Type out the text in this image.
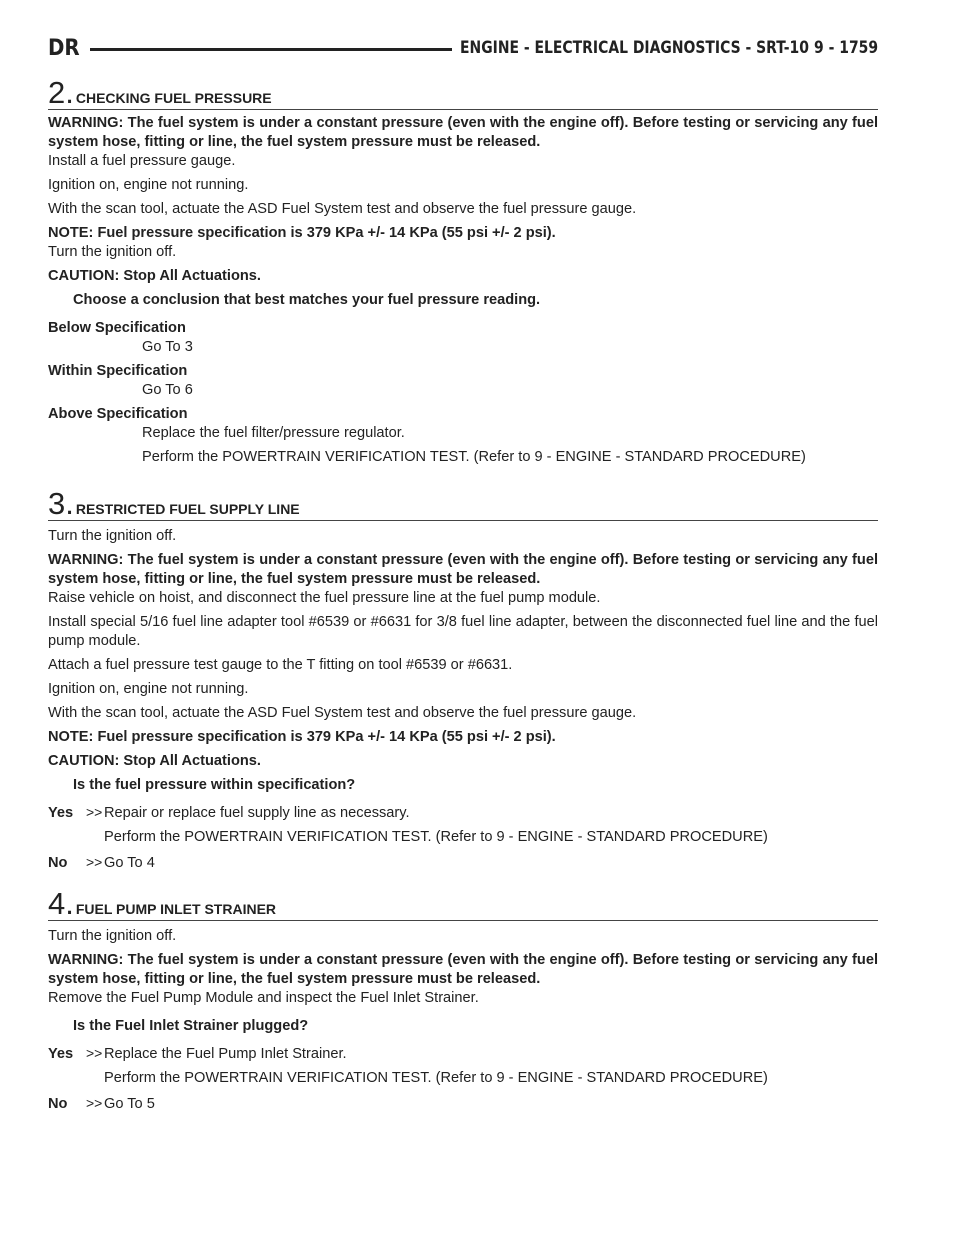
DR	ENGINE - ELECTRICAL DIAGNOSTICS - SRT-10 9 - 1759
2. CHECKING FUEL PRESSURE

WARNING: The fuel system is under a constant pressure (even with the engine off). Before testing or servicing any fuel system hose, fitting or line, the fuel system pressure must be released.

Install a fuel pressure gauge.

Ignition on, engine not running.

With the scan tool, actuate the ASD Fuel System test and observe the fuel pressure gauge.

NOTE: Fuel pressure specification is 379 KPa +/- 14 KPa (55 psi +/- 2 psi).

Turn the ignition off.

CAUTION: Stop All Actuations.

Choose a conclusion that best matches your fuel pressure reading.

Below Specification

Go To 3

Within Specification

Go To 6

Above Specification

Replace the fuel filter/pressure regulator.

Perform the POWERTRAIN VERIFICATION TEST. (Refer to 9 - ENGINE - STANDARD PROCEDURE)

3. RESTRICTED FUEL SUPPLY LINE

Turn the ignition off.

WARNING: The fuel system is under a constant pressure (even with the engine off). Before testing or servicing any fuel system hose, fitting or line, the fuel system pressure must be released.

Raise vehicle on hoist, and disconnect the fuel pressure line at the fuel pump module.

Install special 5/16 fuel line adapter tool #6539 or #6631 for 3/8 fuel line adapter, between the disconnected fuel line and the fuel pump module.

Attach a fuel pressure test gauge to the T fitting on tool #6539 or #6631.

Ignition on, engine not running.

With the scan tool, actuate the ASD Fuel System test and observe the fuel pressure gauge.

NOTE: Fuel pressure specification is 379 KPa +/- 14 KPa (55 psi +/- 2 psi).

CAUTION: Stop All Actuations.

Is the fuel pressure within specification?

Yes >> Repair or replace fuel supply line as necessary.

Perform the POWERTRAIN VERIFICATION TEST. (Refer to 9 - ENGINE - STANDARD PROCEDURE)

No	>> Go To 4

4. FUEL PUMP INLET STRAINER

Turn the ignition off.

WARNING: The fuel system is under a constant pressure (even with the engine off). Before testing or servicing any fuel system hose, fitting or line, the fuel system pressure must be released.

Remove the Fuel Pump Module and inspect the Fuel Inlet Strainer.

Is the Fuel Inlet Strainer plugged?

Yes >> Replace the Fuel Pump Inlet Strainer.

Perform the POWERTRAIN VERIFICATION TEST. (Refer to 9 - ENGINE - STANDARD PROCEDURE)

No	>> Go To 5
